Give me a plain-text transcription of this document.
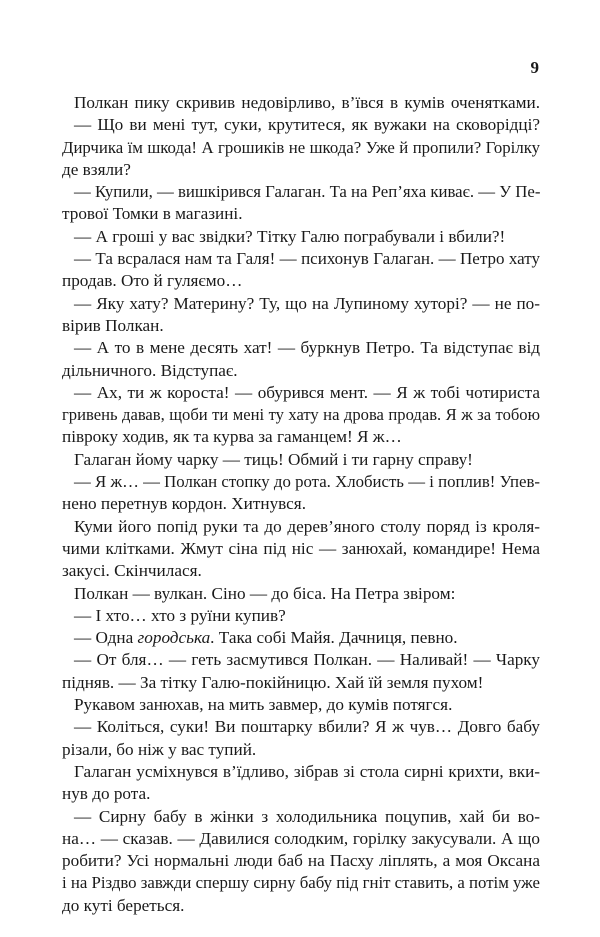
9
Полкан пику скривив недовірливо, в’ївся в кумів оченятками.
— Що ви мені тут, суки, крутитеся, як вужаки на сковорідці?
Дирчика їм шкода! А грошиків не шкода? Уже й пропили? Горілку
де взяли?
— Купили, — вишкірився Галаган. Та на Реп’яха киває. — У Пе-
трової Томки в магазині.
— А гроші у вас звідки? Тітку Галю пограбували і вбили?!
— Та всралася нам та Галя! — психонув Галаган. — Петро хату
продав. Ото й гуляємо…
— Яку хату? Материну? Ту, що на Лупиному хуторі? — не по-
вірив Полкан.
— А то в мене десять хат! — буркнув Петро. Та відступає від
дільничного. Відступає.
— Ах, ти ж короста! — обурився мент. — Я ж тобі чотириста
гривень давав, щоби ти мені ту хату на дрова продав. Я ж за тобою
півроку ходив, як та курва за гаманцем! Я ж…
Галаган йому чарку — тиць! Обмий і ти гарну справу!
— Я ж… — Полкан стопку до рота. Хлобисть — і поплив! Упев-
нено перетнув кордон. Хитнувся.
Куми його попід руки та до дерев’яного столу поряд із кроля-
чими клітками. Жмут сіна під ніс — занюхай, командире! Нема
закусі. Скінчилася.
Полкан — вулкан. Сіно — до біса. На Петра звіром:
— І хто… хто з руїни купив?
— Одна городська. Така собі Майя. Дачниця, певно.
— От бля… — геть засмутився Полкан. — Наливай! — Чарку
підняв. — За тітку Галю-покійницю. Хай їй земля пухом!
Рукавом занюхав, на мить завмер, до кумів потягся.
— Коліться, суки! Ви поштарку вбили? Я ж чув… Довго бабу
різали, бо ніж у вас тупий.
Галаган усміхнувся в’їдливо, зібрав зі стола сирні крихти, вки-
нув до рота.
— Сирну бабу в жінки з холодильника поцупив, хай би во-
на… — сказав. — Давилися солодким, горілку закусували. А що
робити? Усі нормальні люди баб на Пасху ліплять, а моя Оксана
і на Різдво завжди спершу сирну бабу під гніт ставить, а потім уже
до куті береться.
